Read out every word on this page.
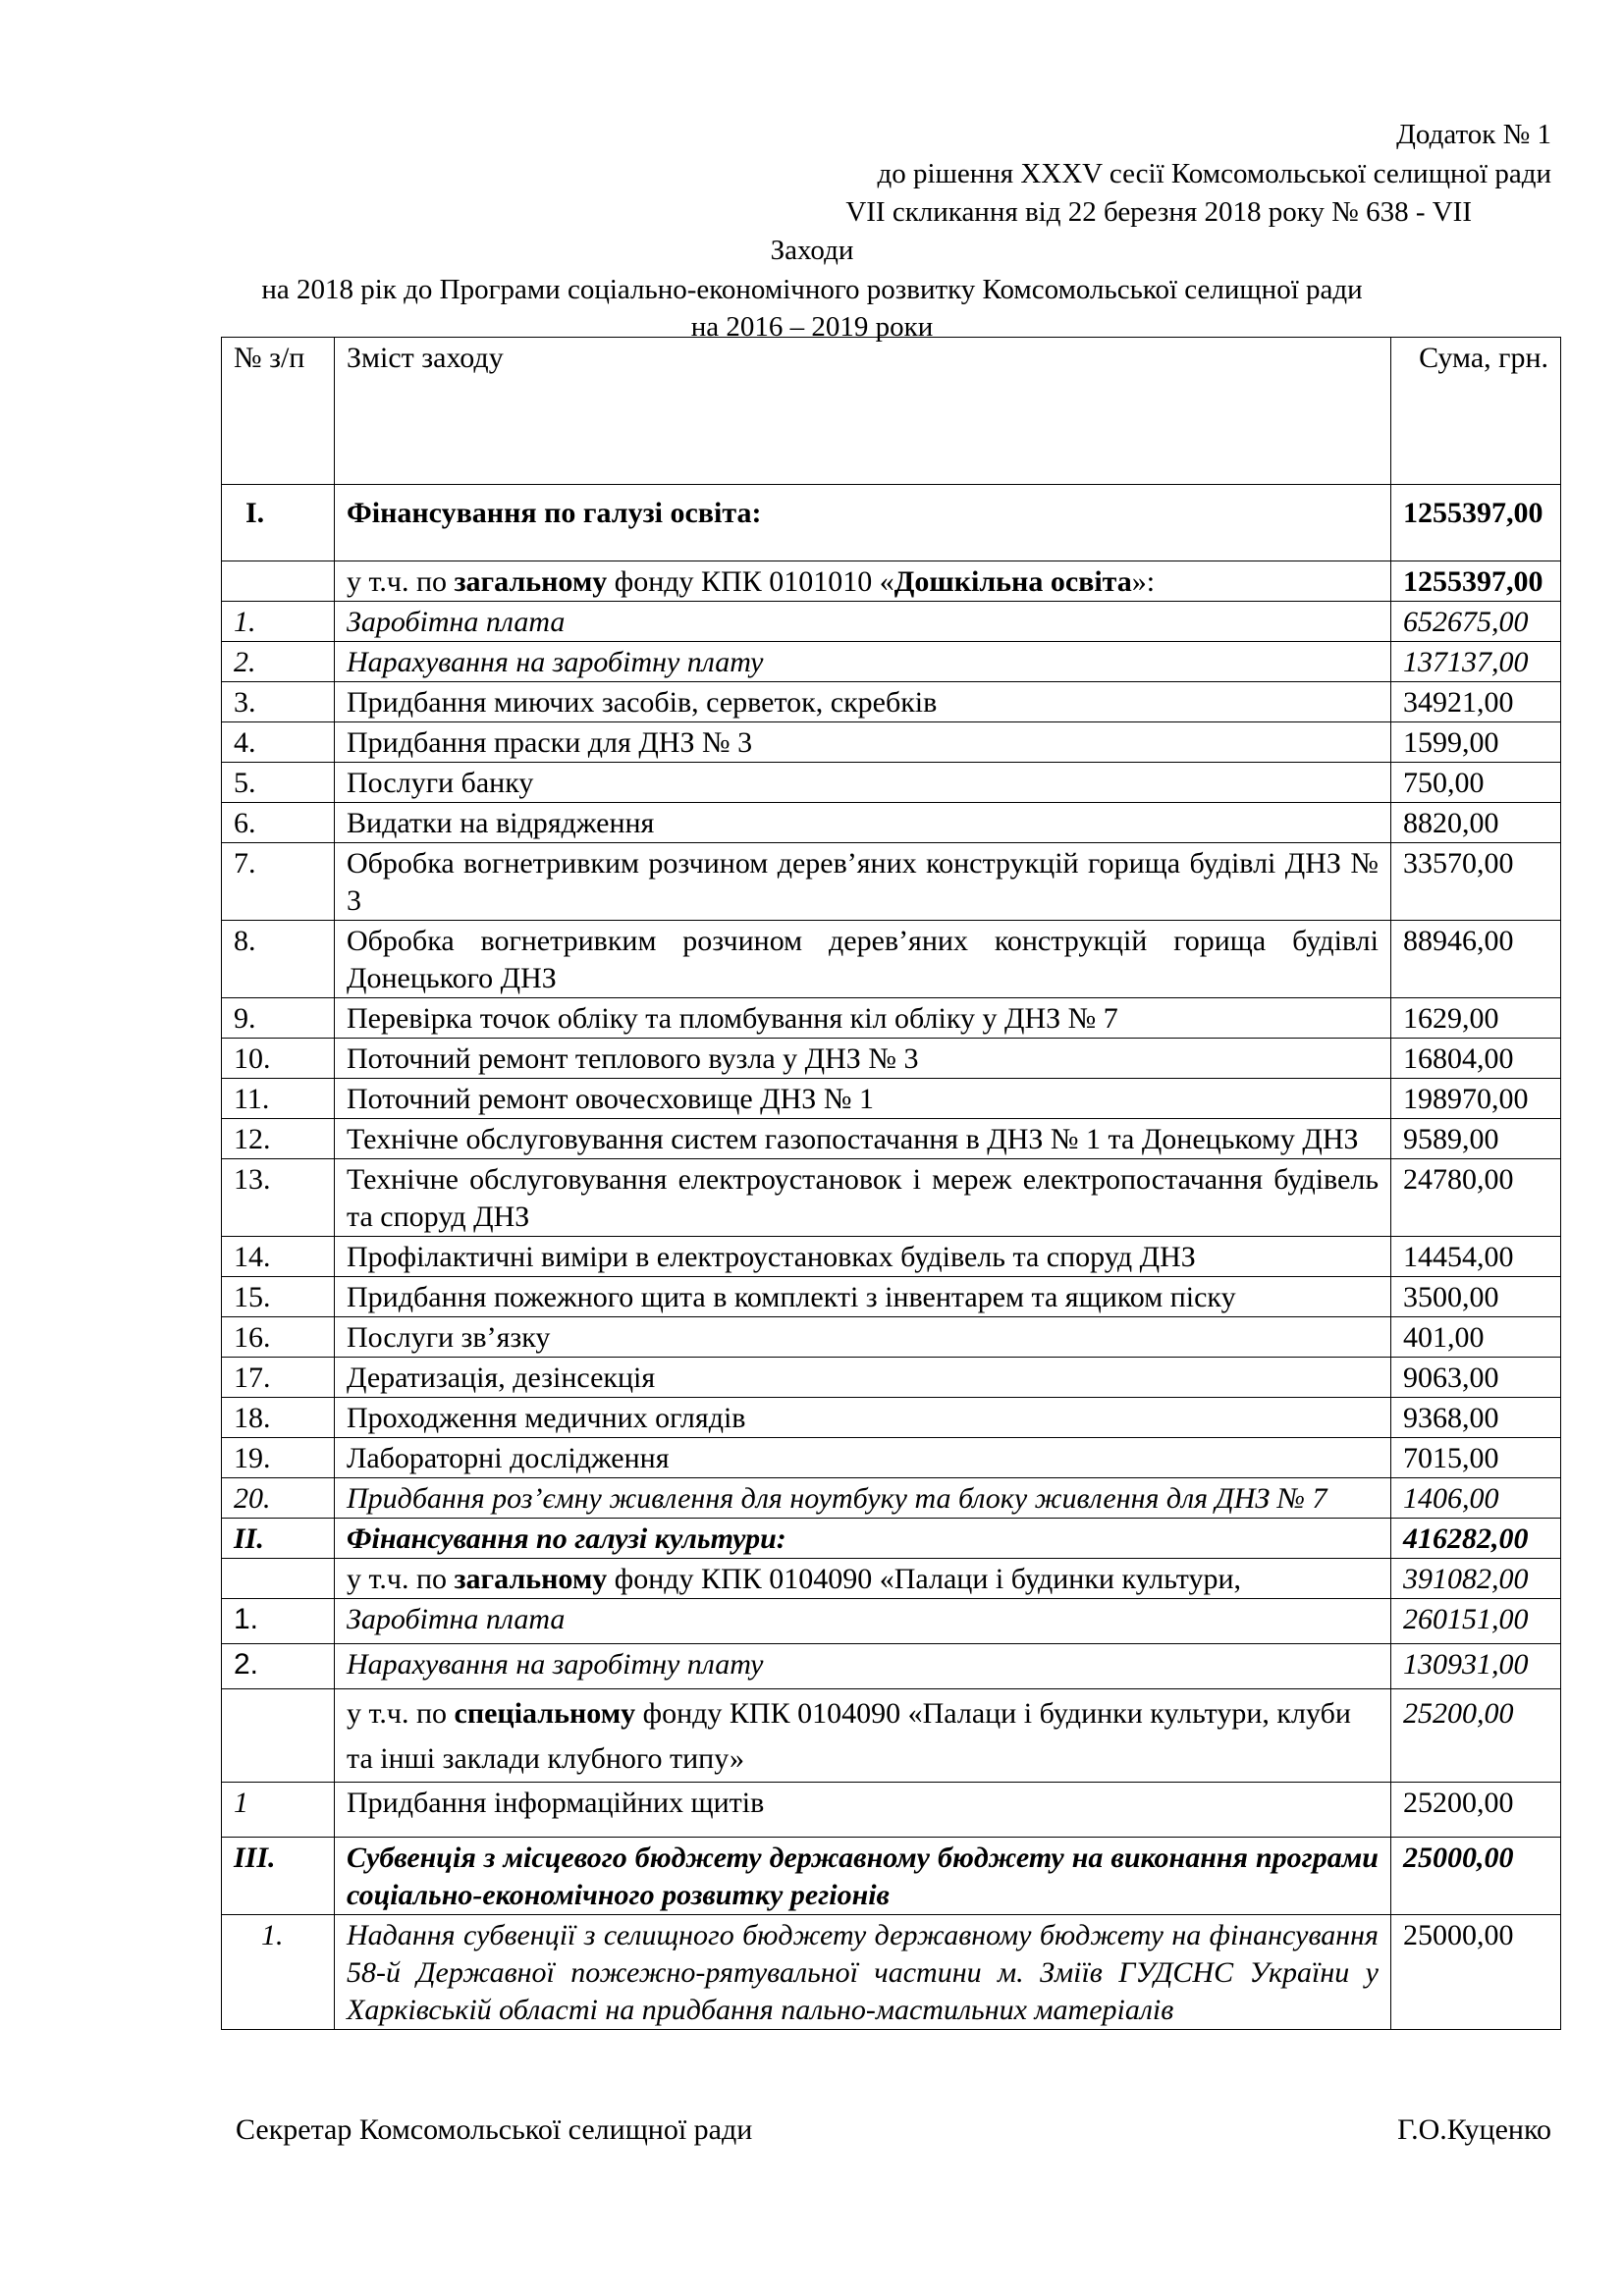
Додаток № 1
до рішення XXXV сесії Комсомольської селищної ради
VII скликання від 22 березня 2018 року № 638 - VII
Заходи
на 2018 рік до Програми соціально-економічного розвитку Комсомольської селищної ради
на 2016 – 2019 роки
№ з/п	Зміст заходу	Сума, грн.
I.	Фінансування по галузі освіта:	1255397,00
	у т.ч. по загальному фонду КПК 0101010 «Дошкільна освіта»:	1255397,00
1.	Заробітна плата	652675,00
2.	Нарахування на заробітну плату	137137,00
3.	Придбання миючих засобів, серветок, скребків	34921,00
4.	Придбання праски для ДНЗ № 3	1599,00
5.	Послуги банку	750,00
6.	Видатки на відрядження	8820,00
7.	Обробка вогнетривким розчином дерев’яних конструкцій горища будівлі ДНЗ № 3	33570,00
8.	Обробка вогнетривким розчином дерев’яних конструкцій горища будівлі Донецького ДНЗ	88946,00
9.	Перевірка точок обліку та пломбування кіл обліку у ДНЗ № 7	1629,00
10.	Поточний ремонт теплового вузла у ДНЗ № 3	16804,00
11.	Поточний ремонт овочесховище ДНЗ № 1	198970,00
12.	Технічне обслуговування систем газопостачання в ДНЗ № 1 та Донецькому ДНЗ	9589,00
13.	Технічне обслуговування електроустановок і мереж електропостачання будівель та споруд ДНЗ	24780,00
14.	Профілактичні виміри в електроустановках будівель та споруд ДНЗ	14454,00
15.	Придбання пожежного щита в комплекті з інвентарем та ящиком піску	3500,00
16.	Послуги зв’язку	401,00
17.	Дератизація, дезінсекція	9063,00
18.	Проходження медичних оглядів	9368,00
19.	Лабораторні дослідження	7015,00
20.	Придбання роз’ємну живлення для ноутбуку та блоку живлення для ДНЗ № 7	1406,00
II.	Фінансування по галузі культури:	416282,00
	у т.ч. по загальному фонду КПК 0104090 «Палаци і будинки культури,	391082,00
1.	Заробітна плата	260151,00
2.	Нарахування на заробітну плату	130931,00
	у т.ч. по спеціальному фонду КПК 0104090 «Палаци і будинки культури, клуби та інші заклади клубного типу»	25200,00
1	Придбання інформаційних щитів	25200,00
III.	Субвенція з місцевого бюджету державному бюджету на виконання програми соціально-економічного розвитку регіонів	25000,00
1.	Надання субвенції з селищного бюджету державному бюджету на фінансування 58-й Державної пожежно-рятувальної частини м. Зміїв ГУДСНС України у Харківській області на придбання пально-мастильних матеріалів	25000,00
Секретар Комсомольської селищної ради	Г.О.Куценко
